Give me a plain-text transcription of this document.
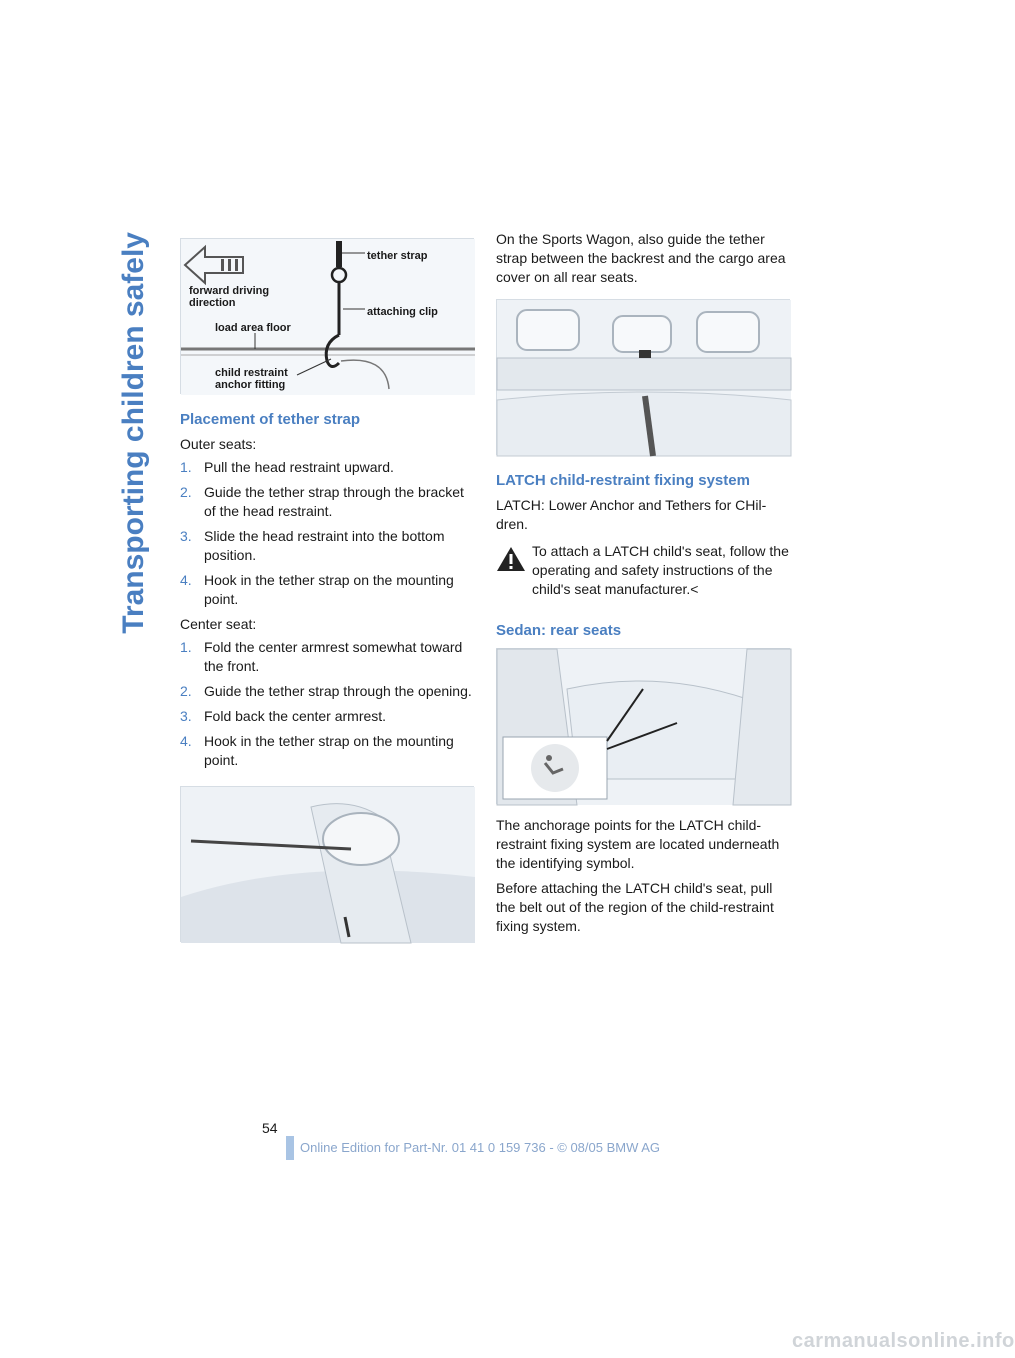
Transporting children safely	tether strap
forward driving direction
attaching clip
load area floor
child restraint anchor fitting
Placement of tether strap

Outer seats:

1. Pull the head restraint upward.
2. Guide the tether strap through the bracket of the head restraint.
3. Slide the head restraint into the bottom position.
4. Hook in the tether strap on the mounting point.

Center seat:

1. Fold the center armrest somewhat toward the front.
2. Guide the tether strap through the opening.
3. Fold back the center armrest.
4. Hook in the tether strap on the mounting point.

On the Sports Wagon, also guide the tether strap between the backrest and the cargo area cover on all rear seats.

LATCH child-restraint fixing system

LATCH: Lower Anchor and Tethers for CHil-dren.

To attach a LATCH child's seat, follow the operating and safety instructions of the child's seat manufacturer.<

Sedan: rear seats

The anchorage points for the LATCH child-restraint fixing system are located underneath the identifying symbol.

Before attaching the LATCH child's seat, pull the belt out of the region of the child-restraint fixing system.

54
Online Edition for Part-Nr. 01 41 0 159 736 - © 08/05 BMW AG
carmanualsonline.info
